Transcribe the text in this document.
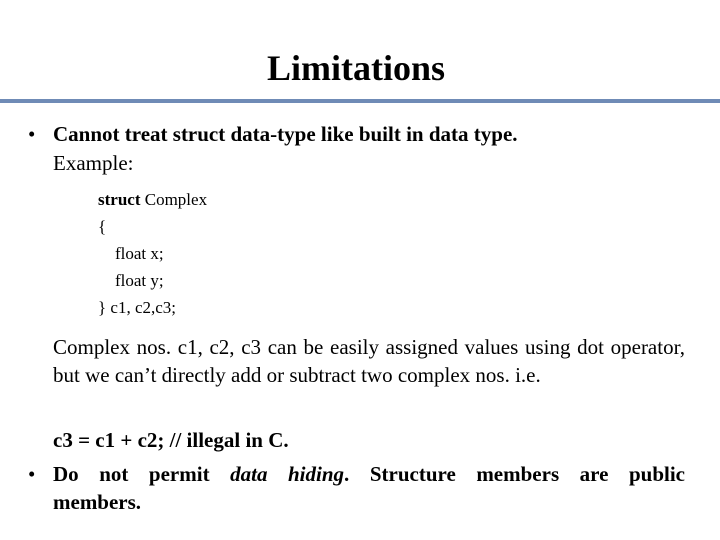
Limitations
• Cannot treat struct data-type like built in data type.
Example:
struct Complex
{
float x;
float y;
} c1, c2,c3;
Complex nos. c1, c2, c3 can be easily assigned values using dot operator, but we can’t directly add or subtract two complex nos. i.e.
c3 = c1 + c2; // illegal in C.
• Do not permit data hiding. Structure members are public
members.
